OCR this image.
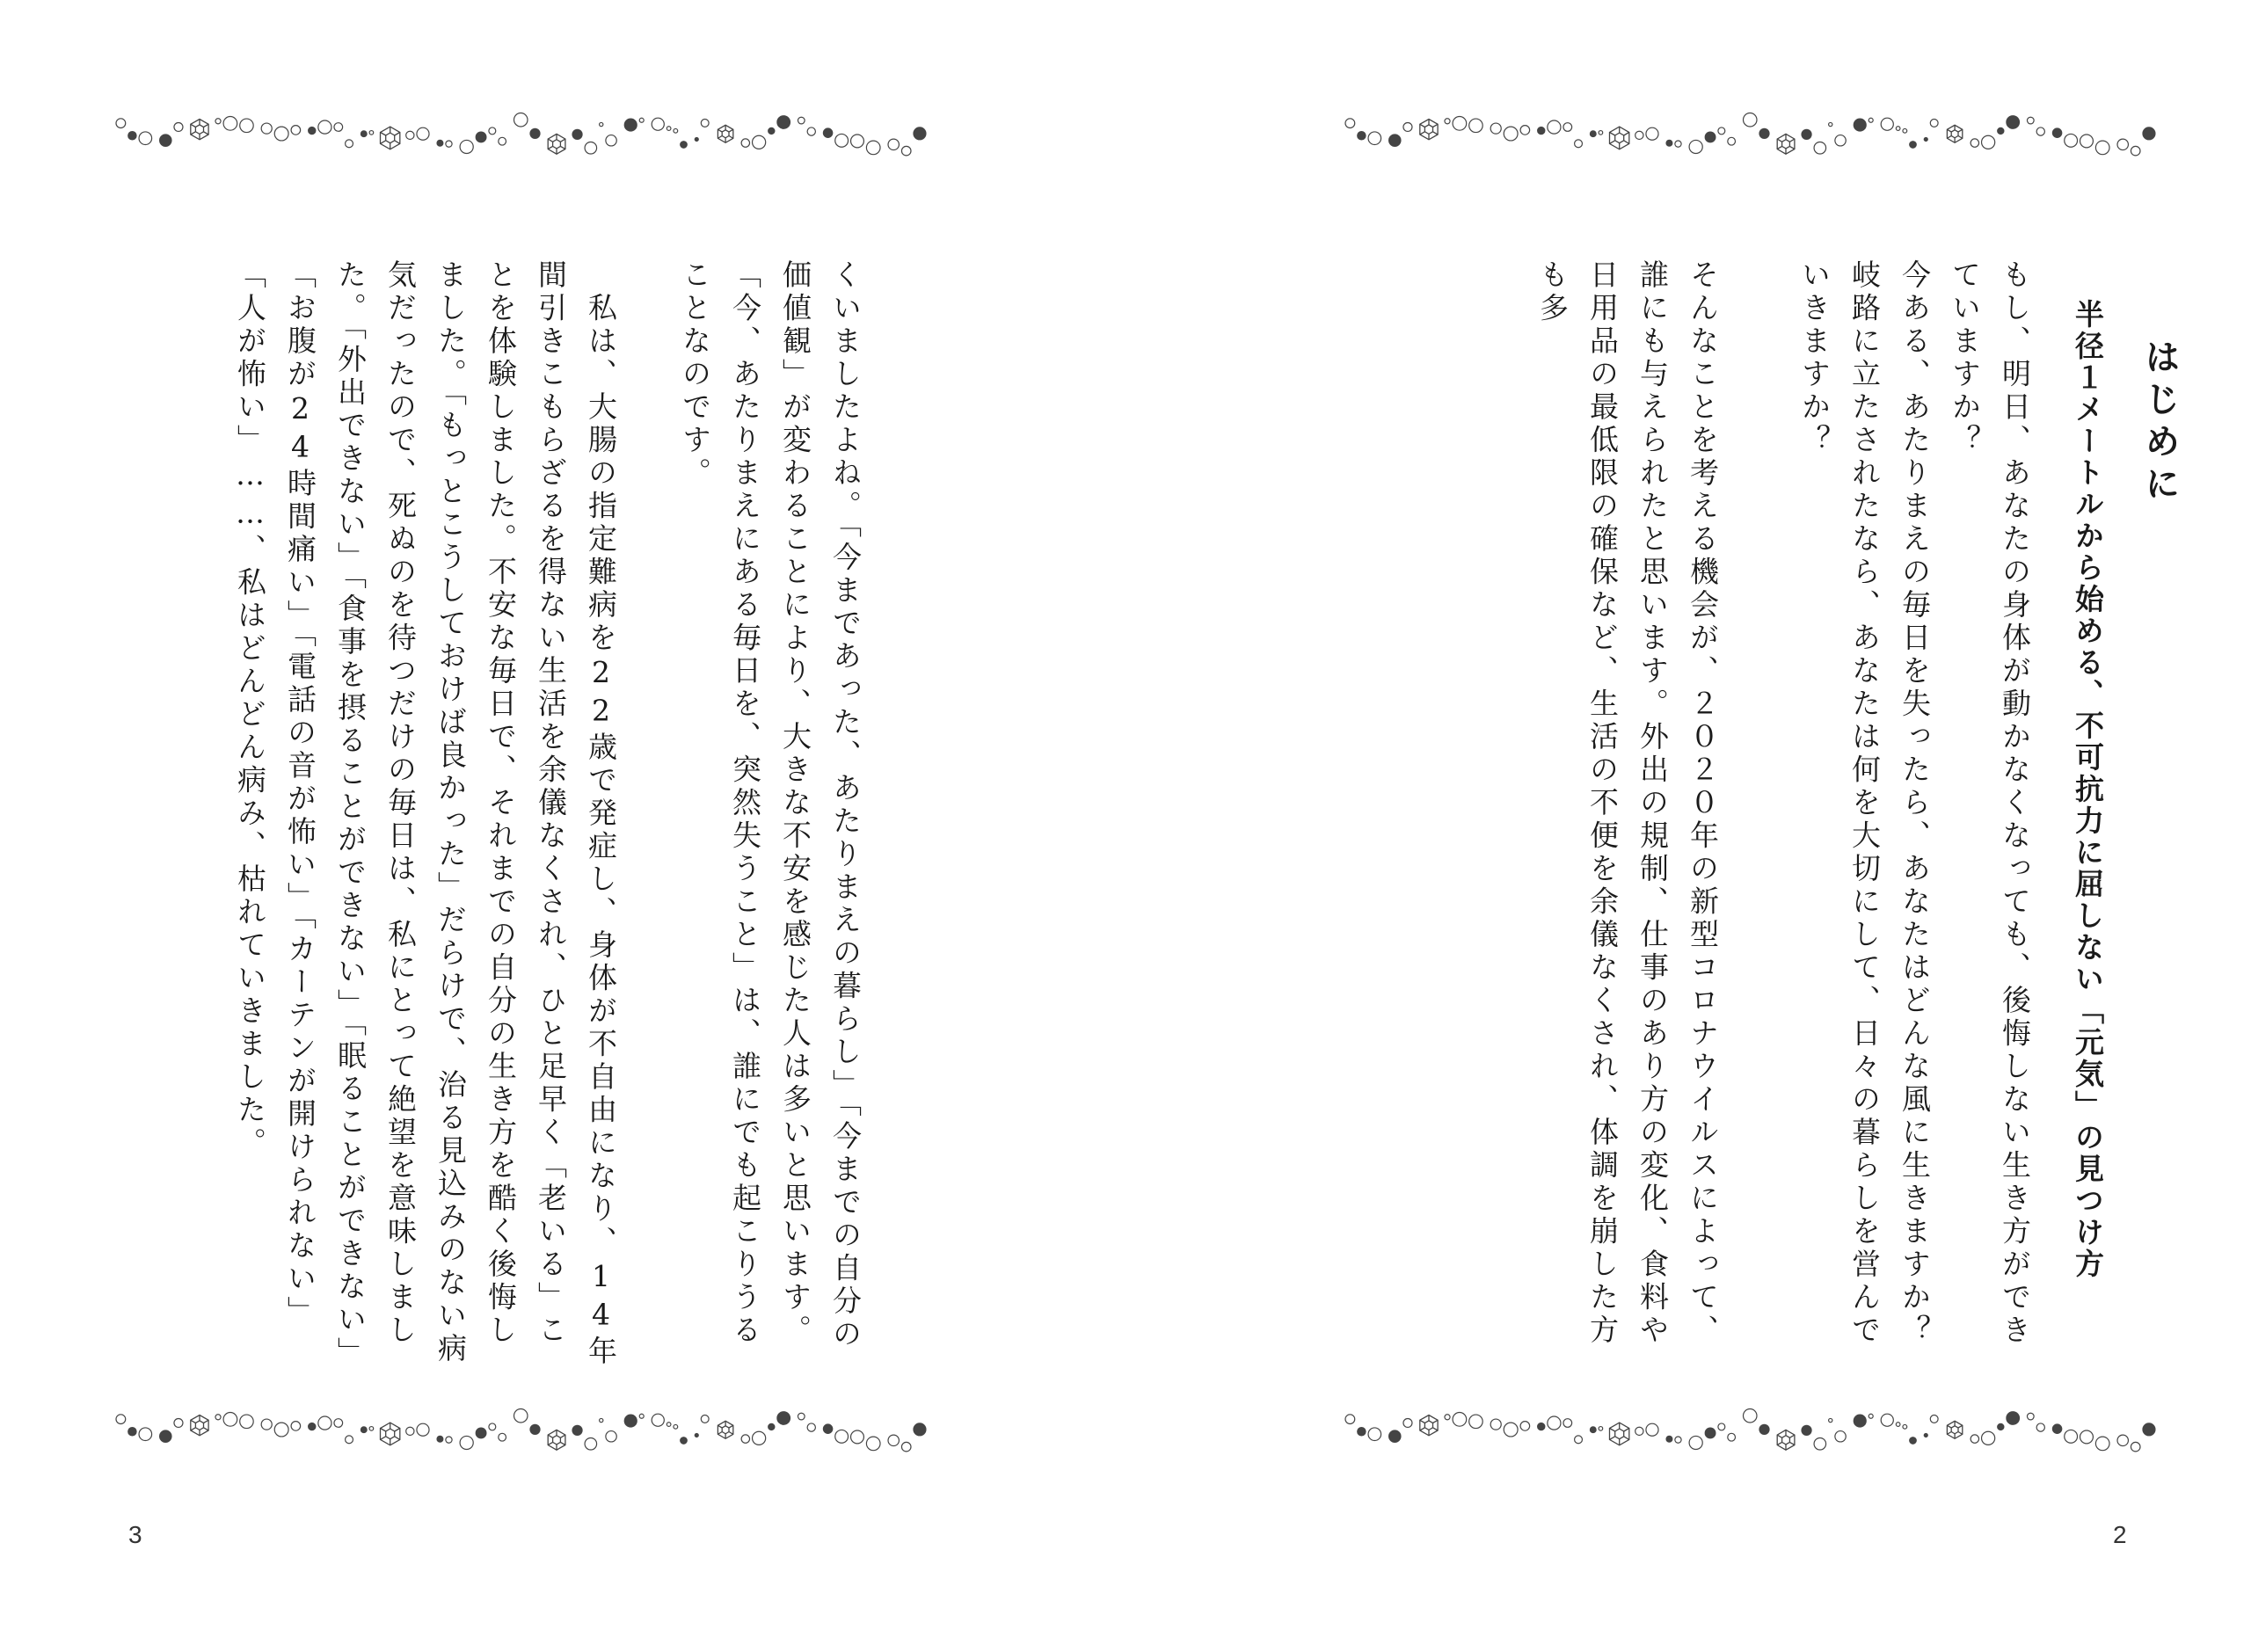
くいましたよね。「今まであった、あたりまえの暮らし」「今までの自分の価値観」が変わることにより、大きな不安を感じた人は多いと思います。「今、あたりまえにある毎日を、突然失うこと」は、誰にでも起こりうることなのです。
　私は、大腸の指定難病を22歳で発症し、身体が不自由になり、14年間引きこもらざるを得ない生活を余儀なくされ、ひと足早く「老いる」ことを体験しました。不安な毎日で、それまでの自分の生き方を酷く後悔しました。「もっとこうしておけば良かった」だらけで、治る見込みのない病気だったので、死ぬのを待つだけの毎日は、私にとって絶望を意味しました。「外出できない」「食事を摂ることができない」「眠ることができない」「お腹が24時間痛い」「電話の音が怖い」「カーテンが開けられない」「人が怖い」……、私はどんどん病み、枯れていきました。
3
はじめに
半径１メートルから始める、不可抗力に屈しない「元気」の見つけ方
もし、明日、あなたの身体が動かなくなっても、後悔しない生き方ができていますか？
今ある、あたりまえの毎日を失ったら、あなたはどんな風に生きますか？
岐路に立たされたなら、あなたは何を大切にして、日々の暮らしを営んでいきますか？
そんなことを考える機会が、２０２０年の新型コロナウイルスによって、誰にも与えられたと思います。外出の規制、仕事のあり方の変化、食料や日用品の最低限の確保など、生活の不便を余儀なくされ、体調を崩した方も多
2
